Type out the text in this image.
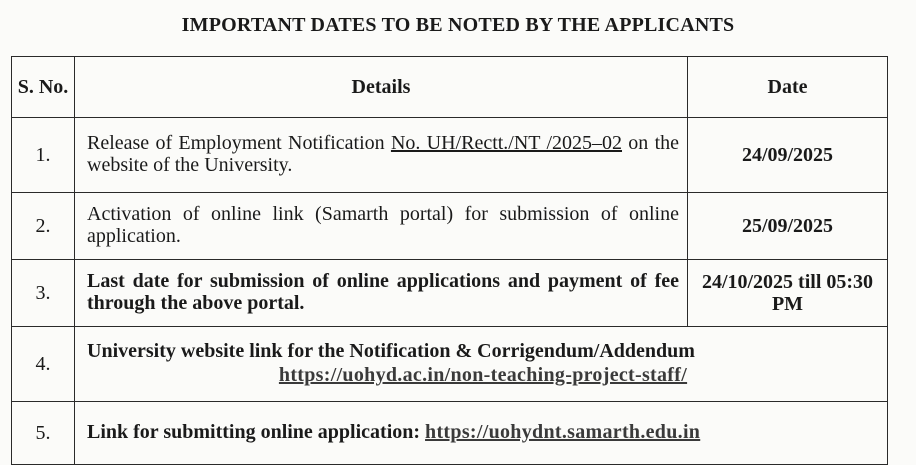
IMPORTANT DATES TO BE NOTED BY THE APPLICANTS
S. No.	Details	Date
1.	Release of Employment Notification No. UH/Rectt./NT /2025–02 on the website of the University.	24/09/2025
2.	Activation of online link (Samarth portal) for submission of online application.	25/09/2025
3.	Last date for submission of online applications and payment of fee through the above portal.	24/10/2025 till 05:30 PM
4.	University website link for the Notification & Corrigendum/Addendum
https://uohyd.ac.in/non-teaching-project-staff/	

5.	Link for submitting online application: https://uohydnt.samarth.edu.in	
